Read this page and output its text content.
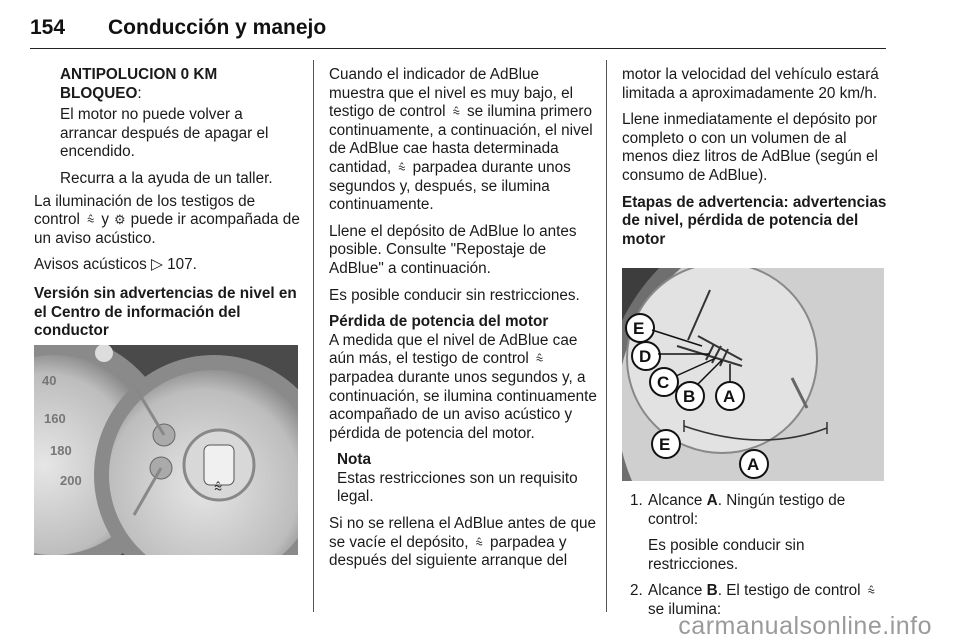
154 Conducción y manejo
ANTIPOLUCION 0 KM
BLOQUEO:

El motor no puede volver a arrancar después de apagar el encendido.

Recurra a la ayuda de un taller.

La iluminación de los testigos de control ⩯ y ⚙ puede ir acompañada de un aviso acústico.

Avisos acústicos ▷ 107.

Versión sin advertencias de nivel en el Centro de información del conductor

40
160
180
200	⩯

Cuando el indicador de AdBlue muestra que el nivel es muy bajo, el testigo de control ⩯ se ilumina primero continuamente, a continuación, el nivel de AdBlue cae hasta determinada cantidad, ⩯ parpadea durante unos segundos y, después, se ilumina continuamente.

Llene el depósito de AdBlue lo antes posible. Consulte "Repostaje de AdBlue" a continuación.

Es posible conducir sin restricciones.

Pérdida de potencia del motor

A medida que el nivel de AdBlue cae aún más, el testigo de control ⩯ parpadea durante unos segundos y, a continuación, se ilumina continuamente acompañado de un aviso acústico y pérdida de potencia del motor.

Nota
Estas restricciones son un requisito legal.

Si no se rellena el AdBlue antes de que se vacíe el depósito, ⩯ parpadea y después del siguiente arranque del

motor la velocidad del vehículo estará limitada a aproximadamente 20 km/h.

Llene inmediatamente el depósito por completo o con un volumen de al menos diez litros de AdBlue (según el consumo de AdBlue).

Etapas de advertencia: advertencias de nivel, pérdida de potencia del motor

E
D
C
B A
E
A
1. Alcance A. Ningún testigo de control:
Es posible conducir sin restricciones.
2. Alcance B. El testigo de control ⩯ se ilumina:
carmanualsonline.info
